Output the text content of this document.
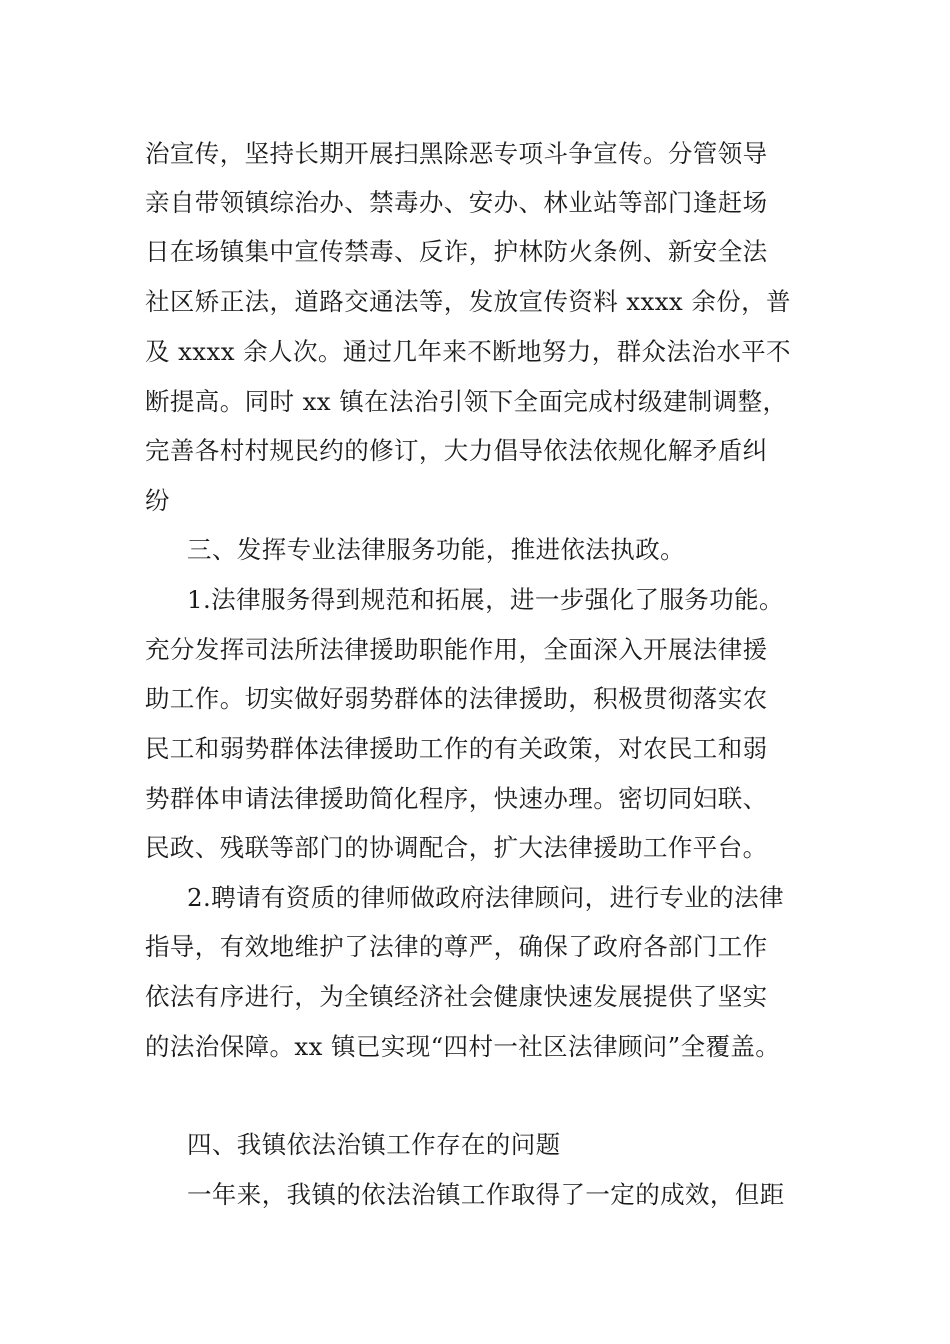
治宣传，坚持长期开展扫黑除恶专项斗争宣传。分管领导
亲自带领镇综治办、禁毒办、安办、林业站等部门逢赶场
日在场镇集中宣传禁毒、反诈，护林防火条例、新安全法
社区矫正法，道路交通法等，发放宣传资料 xxxx 余份，普
及 xxxx 余人次。通过几年来不断地努力，群众法治水平不
断提高。同时 xx 镇在法治引领下全面完成村级建制调整，
完善各村村规民约的修订，大力倡导依法依规化解矛盾纠
纷
三、发挥专业法律服务功能，推进依法执政。
1.法律服务得到规范和拓展，进一步强化了服务功能。
充分发挥司法所法律援助职能作用，全面深入开展法律援
助工作。切实做好弱势群体的法律援助，积极贯彻落实农
民工和弱势群体法律援助工作的有关政策，对农民工和弱
势群体申请法律援助简化程序，快速办理。密切同妇联、
民政、残联等部门的协调配合，扩大法律援助工作平台。
2.聘请有资质的律师做政府法律顾问，进行专业的法律
指导，有效地维护了法律的尊严，确保了政府各部门工作
依法有序进行，为全镇经济社会健康快速发展提供了坚实
的法治保障。xx 镇已实现“四村一社区法律顾问”全覆盖。
四、我镇依法治镇工作存在的问题
一年来，我镇的依法治镇工作取得了一定的成效，但距
